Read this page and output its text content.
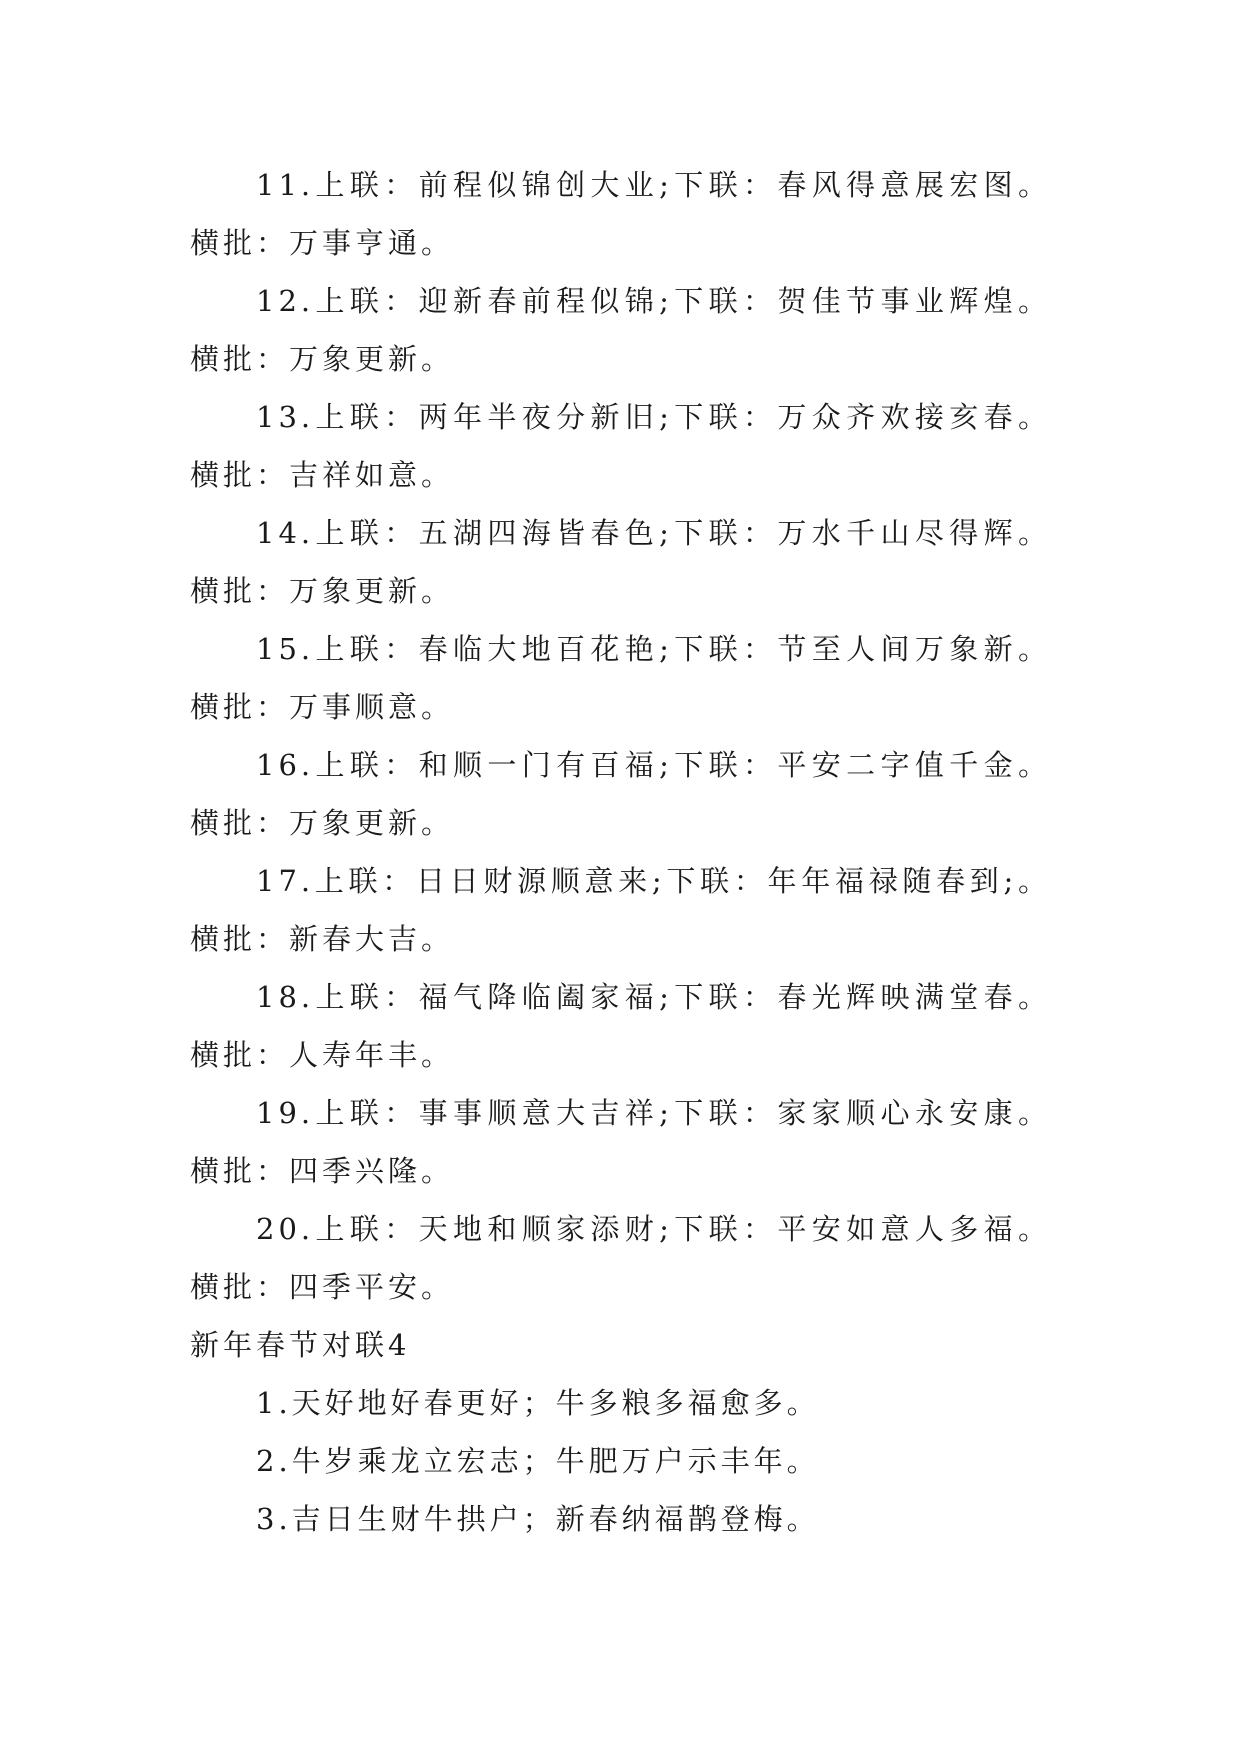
11.上联：前程似锦创大业;下联：春风得意展宏图。横批：万事亨通。

12.上联：迎新春前程似锦;下联：贺佳节事业辉煌。横批：万象更新。

13.上联：两年半夜分新旧;下联：万众齐欢接亥春。横批：吉祥如意。

14.上联：五湖四海皆春色;下联：万水千山尽得辉。横批：万象更新。

15.上联：春临大地百花艳;下联：节至人间万象新。横批：万事顺意。

16.上联：和顺一门有百福;下联：平安二字值千金。横批：万象更新。

17.上联：日日财源顺意来;下联：年年福禄随春到;。横批：新春大吉。

18.上联：福气降临阖家福;下联：春光辉映满堂春。横批：人寿年丰。

19.上联：事事顺意大吉祥;下联：家家顺心永安康。横批：四季兴隆。

20.上联：天地和顺家添财;下联：平安如意人多福。横批：四季平安。

新年春节对联4

1.天好地好春更好；牛多粮多福愈多。

2.牛岁乘龙立宏志；牛肥万户示丰年。

3.吉日生财牛拱户；新春纳福鹊登梅。
